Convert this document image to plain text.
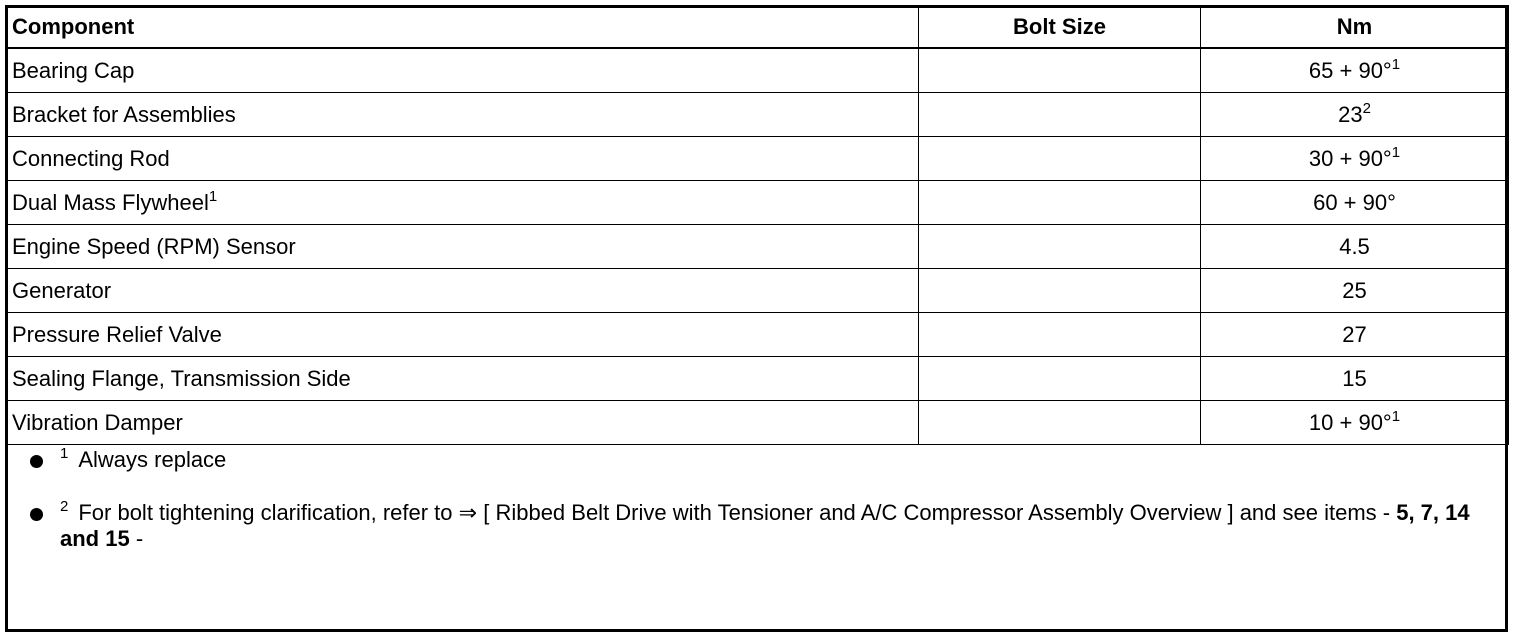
Component	Bolt Size	Nm
Bearing Cap		65 + 90°$^1$
Bracket for Assemblies		$23^2$
Connecting Rod		30 + 90°$^1$
Dual Mass Flywheel$^1$		60 + 90°
Engine Speed (RPM) Sensor		4.5
Generator		25
Pressure Relief Valve		27
Sealing Flange, Transmission Side		15
Vibration Damper		10 + 90°$^1$
$^1$ Always replace
$^2$ For bolt tightening clarification, refer to ⇒ [ Ribbed Belt Drive with Tensioner and A/C Compressor Assembly Overview ] and see items - 5, 7, 14 and 15 -
